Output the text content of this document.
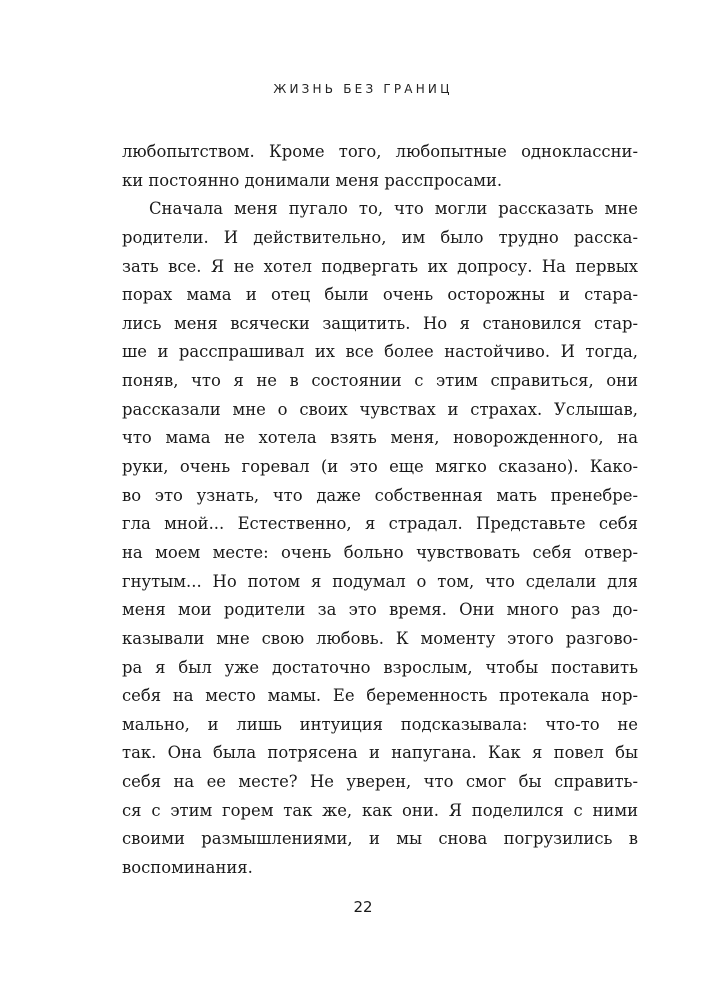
ЖИЗНЬ БЕЗ ГРАНИЦ
любопытством. Кроме того, любопытные одноклассни-
ки постоянно донимали меня расспросами.
Сначала меня пугало то, что могли рассказать мне
родители. И действительно, им было трудно расска-
зать все. Я не хотел подвергать их допросу. На первых
порах мама и отец были очень осторожны и стара-
лись меня всячески защитить. Но я становился стар-
ше и расспрашивал их все более настойчиво. И тогда,
поняв, что я не в состоянии с этим справиться, они
рассказали мне о своих чувствах и страхах. Услышав,
что мама не хотела взять меня, новорожденного, на
руки, очень горевал (и это еще мягко сказано). Како-
во это узнать, что даже собственная мать пренебре-
гла мной... Естественно, я страдал. Представьте себя
на моем месте: очень больно чувствовать себя отвер-
гнутым... Но потом я подумал о том, что сделали для
меня мои родители за это время. Они много раз до-
казывали мне свою любовь. К моменту этого разгово-
ра я был уже достаточно взрослым, чтобы поставить
себя на место мамы. Ее беременность протекала нор-
мально, и лишь интуиция подсказывала: что-то не
так. Она была потрясена и напугана. Как я повел бы
себя на ее месте? Не уверен, что смог бы справить-
ся с этим горем так же, как они. Я поделился с ними
своими размышлениями, и мы снова погрузились в
воспоминания.
22
